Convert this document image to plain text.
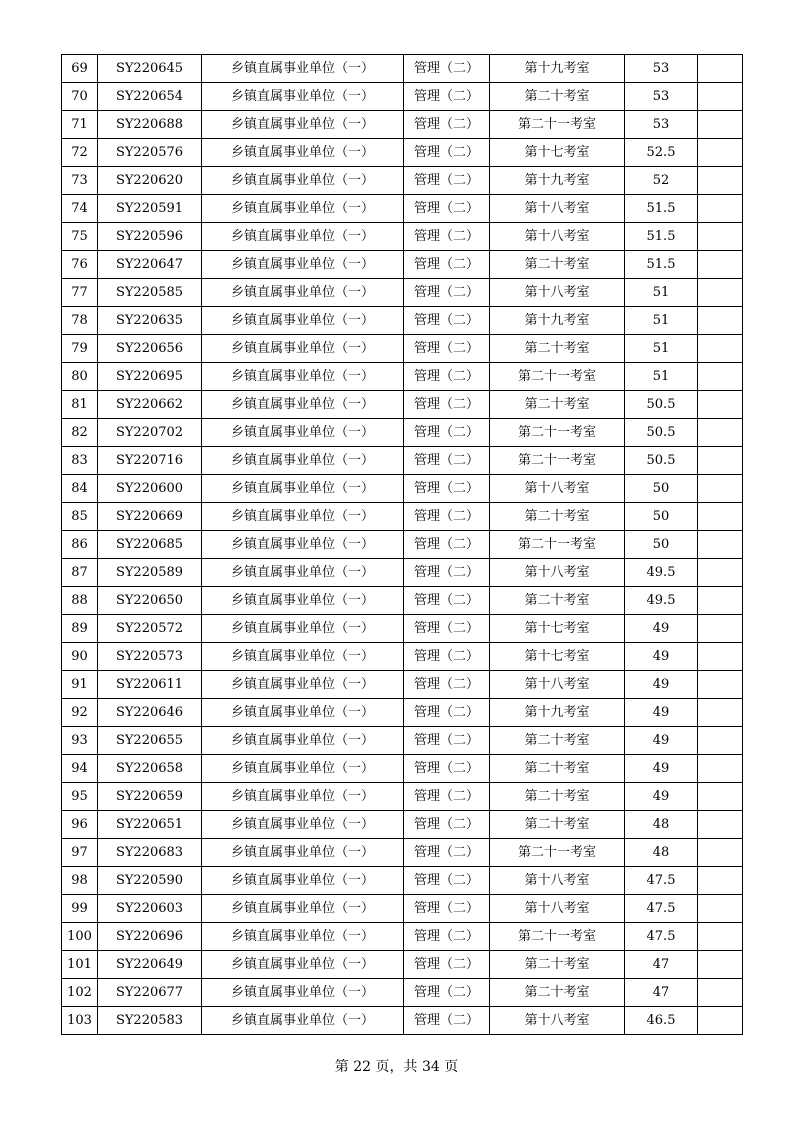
69	SY220645	乡镇直属事业单位（一）	管理（二）	第十九考室	53	
70	SY220654	乡镇直属事业单位（一）	管理（二）	第二十考室	53	
71	SY220688	乡镇直属事业单位（一）	管理（二）	第二十一考室	53	
72	SY220576	乡镇直属事业单位（一）	管理（二）	第十七考室	52.5	
73	SY220620	乡镇直属事业单位（一）	管理（二）	第十九考室	52	
74	SY220591	乡镇直属事业单位（一）	管理（二）	第十八考室	51.5	
75	SY220596	乡镇直属事业单位（一）	管理（二）	第十八考室	51.5	
76	SY220647	乡镇直属事业单位（一）	管理（二）	第二十考室	51.5	
77	SY220585	乡镇直属事业单位（一）	管理（二）	第十八考室	51	
78	SY220635	乡镇直属事业单位（一）	管理（二）	第十九考室	51	
79	SY220656	乡镇直属事业单位（一）	管理（二）	第二十考室	51	
80	SY220695	乡镇直属事业单位（一）	管理（二）	第二十一考室	51	
81	SY220662	乡镇直属事业单位（一）	管理（二）	第二十考室	50.5	
82	SY220702	乡镇直属事业单位（一）	管理（二）	第二十一考室	50.5	
83	SY220716	乡镇直属事业单位（一）	管理（二）	第二十一考室	50.5	
84	SY220600	乡镇直属事业单位（一）	管理（二）	第十八考室	50	
85	SY220669	乡镇直属事业单位（一）	管理（二）	第二十考室	50	
86	SY220685	乡镇直属事业单位（一）	管理（二）	第二十一考室	50	
87	SY220589	乡镇直属事业单位（一）	管理（二）	第十八考室	49.5	
88	SY220650	乡镇直属事业单位（一）	管理（二）	第二十考室	49.5	
89	SY220572	乡镇直属事业单位（一）	管理（二）	第十七考室	49	
90	SY220573	乡镇直属事业单位（一）	管理（二）	第十七考室	49	
91	SY220611	乡镇直属事业单位（一）	管理（二）	第十八考室	49	
92	SY220646	乡镇直属事业单位（一）	管理（二）	第十九考室	49	
93	SY220655	乡镇直属事业单位（一）	管理（二）	第二十考室	49	
94	SY220658	乡镇直属事业单位（一）	管理（二）	第二十考室	49	
95	SY220659	乡镇直属事业单位（一）	管理（二）	第二十考室	49	
96	SY220651	乡镇直属事业单位（一）	管理（二）	第二十考室	48	
97	SY220683	乡镇直属事业单位（一）	管理（二）	第二十一考室	48	
98	SY220590	乡镇直属事业单位（一）	管理（二）	第十八考室	47.5	
99	SY220603	乡镇直属事业单位（一）	管理（二）	第十八考室	47.5	
100	SY220696	乡镇直属事业单位（一）	管理（二）	第二十一考室	47.5	
101	SY220649	乡镇直属事业单位（一）	管理（二）	第二十考室	47	
102	SY220677	乡镇直属事业单位（一）	管理（二）	第二十考室	47	
103	SY220583	乡镇直属事业单位（一）	管理（二）	第十八考室	46.5	
第 22 页，共 34 页
